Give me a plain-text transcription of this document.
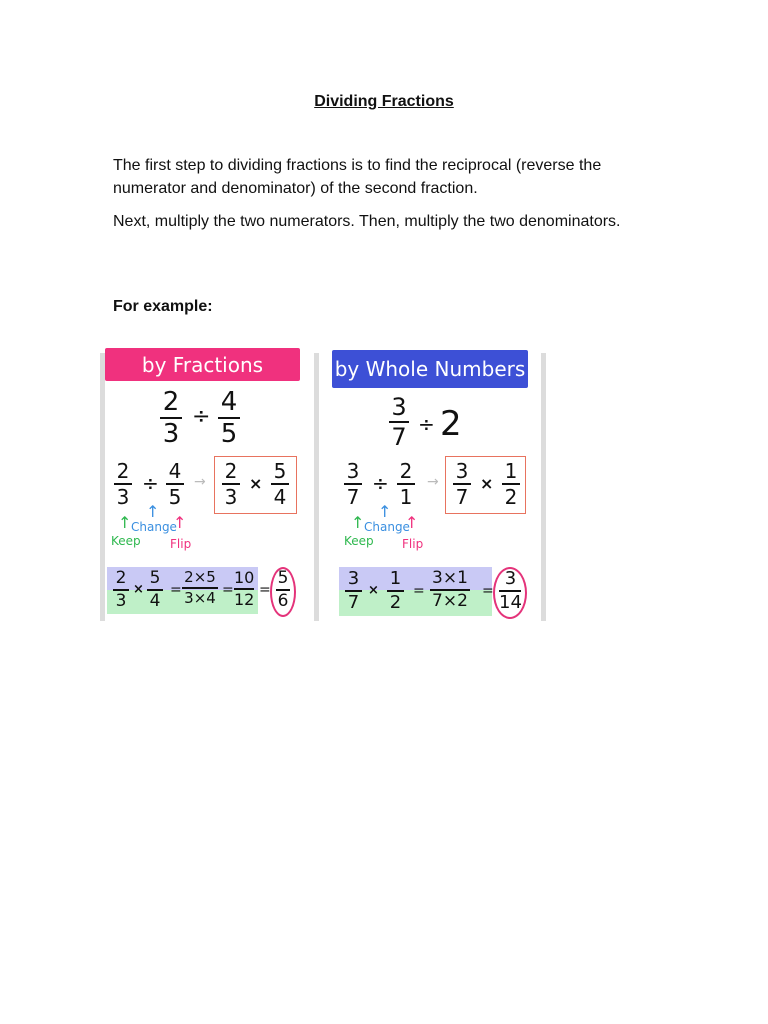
Dividing Fractions

The first step to dividing fractions is to find the reciprocal (reverse the numerator and denominator) of the second fraction.

Next, multiply the two numerators. Then, multiply the two denominators.

For example:
by Fractions
2
3
÷ 4
5
2
3
÷ 4
5
→ 2
3
×
5
4
↑
Keep
↑
Change
↑
Flip
2
3
×
5
4
=
2×5
3×4 =
10
12 =
5
6
by Whole Numbers
3
7 ÷ 2
3
7
÷ 2
1
→ 3
7
×
1
2
↑
Keep
↑
Change
↑
Flip
3
7
×
1
2
=
3×1
7×2 =
3
14
